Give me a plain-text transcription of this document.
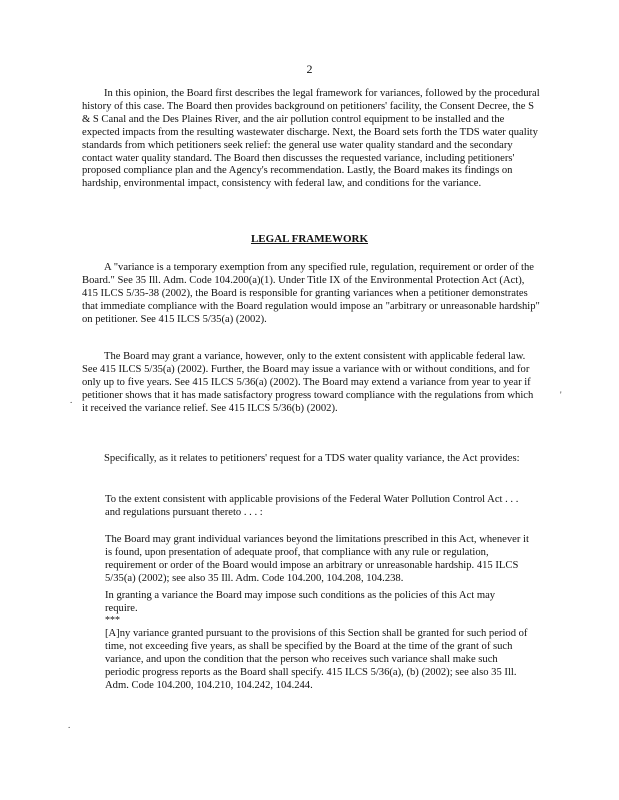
2

In this opinion, the Board first describes the legal framework for variances, followed by the procedural history of this case. The Board then provides background on petitioners' facility, the Consent Decree, the S & S Canal and the Des Plaines River, and the air pollution control equipment to be installed and the expected impacts from the resulting wastewater discharge. Next, the Board sets forth the TDS water quality standards from which petitioners seek relief: the general use water quality standard and the secondary contact water quality standard. The Board then discusses the requested variance, including petitioners' proposed compliance plan and the Agency's recommendation. Lastly, the Board makes its findings on hardship, environmental impact, consistency with federal law, and conditions for the variance.

LEGAL FRAMEWORK

A "variance is a temporary exemption from any specified rule, regulation, requirement or order of the Board." See 35 Ill. Adm. Code 104.200(a)(1). Under Title IX of the Environmental Protection Act (Act), 415 ILCS 5/35-38 (2002), the Board is responsible for granting variances when a petitioner demonstrates that immediate compliance with the Board regulation would impose an "arbitrary or unreasonable hardship" on petitioner. See 415 ILCS 5/35(a) (2002).

The Board may grant a variance, however, only to the extent consistent with applicable federal law. See 415 ILCS 5/35(a) (2002). Further, the Board may issue a variance with or without conditions, and for only up to five years. See 415 ILCS 5/36(a) (2002). The Board may extend a variance from year to year if petitioner shows that it has made satisfactory progress toward compliance with the regulations from which it received the variance relief. See 415 ILCS 5/36(b) (2002).

Specifically, as it relates to petitioners' request for a TDS water quality variance, the Act provides:

To the extent consistent with applicable provisions of the Federal Water Pollution Control Act . . . and regulations pursuant thereto . . . :

The Board may grant individual variances beyond the limitations prescribed in this Act, whenever it is found, upon presentation of adequate proof, that compliance with any rule or regulation, requirement or order of the Board would impose an arbitrary or unreasonable hardship. 415 ILCS 5/35(a) (2002); see also 35 Ill. Adm. Code 104.200, 104.208, 104.238.

In granting a variance the Board may impose such conditions as the policies of this Act may require.

***

[A]ny variance granted pursuant to the provisions of this Section shall be granted for such period of time, not exceeding five years, as shall be specified by the Board at the time of the grant of such variance, and upon the condition that the person who receives such variance shall make such periodic progress reports as the Board shall specify. 415 ILCS 5/36(a), (b) (2002); see also 35 Ill. Adm. Code 104.200, 104.210, 104.242, 104.244.

.
.
'
